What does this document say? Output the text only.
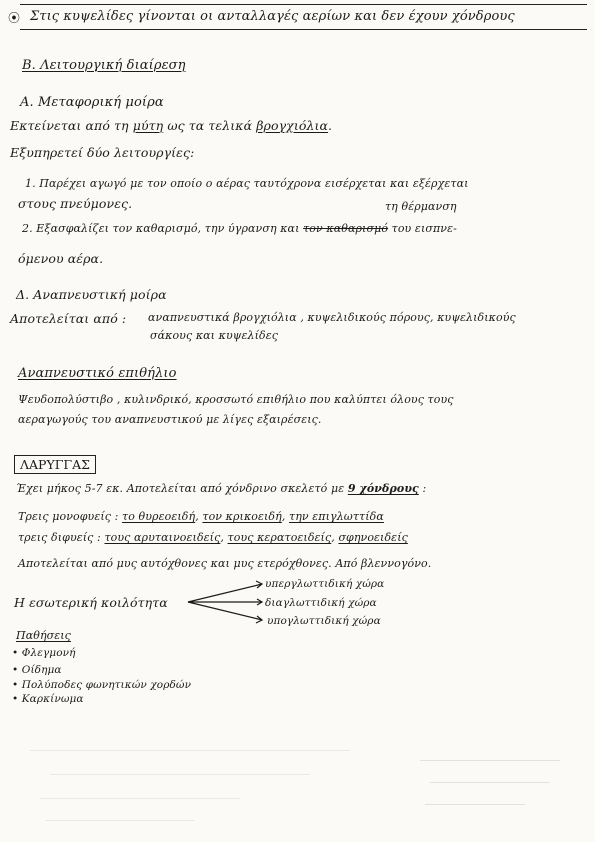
⦿ Στις κυψελίδες γίνονται οι ανταλλαγές αερίων και δεν έχουν χόνδρους
Β. Λειτουργική διαίρεση
Α. Μεταφορική μοίρα
Εκτείνεται από τη μύτη ως τα τελικά βρογχιόλια.
Εξυπηρετεί δύο λειτουργίες:
1. Παρέχει αγωγό με τον οποίο ο αέρας ταυτόχρονα εισέρχεται και εξέρχεται
στους πνεύμονες.	τη θέρμανση
2. Εξασφαλίζει τον καθαρισμό, την ύγρανση και τον καθαρισμό του εισπνε-
όμενου αέρα.
Δ. Αναπνευστική μοίρα
Αποτελείται από : αναπνευστικά βρογχιόλια , κυψελιδικούς πόρους, κυψελιδικούς
σάκους και κυψελίδες
Αναπνευστικό επιθήλιο
Ψευδοπολύστιβο , κυλινδρικό, κροσσωτό επιθήλιο που καλύπτει όλους τους
αεραγωγούς του αναπνευστικού με λίγες εξαιρέσεις.
ΛΑΡΥΓΓΑΣ
Έχει μήκος 5-7 εκ. Αποτελείται από χόνδρινο σκελετό με 9 χόνδρους :
Τρεις μονοφυείς : το θυρεοειδή, τον κρικοειδή, την επιγλωττίδα
τρεις διφυείς : τους αρυταινοειδείς, τους κερατοειδείς, σφηνοειδείς
Αποτελείται από μυς αυτόχθονες και μυς ετερόχθονες. Από βλεννογόνο.
Η εσωτερική κοιλότητα
υπεργλωττιδική χώρα
διαγλωττιδική χώρα
υπογλωττιδική χώρα
Παθήσεις
• Φλεγμονή
• Οίδημα
• Πολύποδες φωνητικών χορδών
• Καρκίνωμα
